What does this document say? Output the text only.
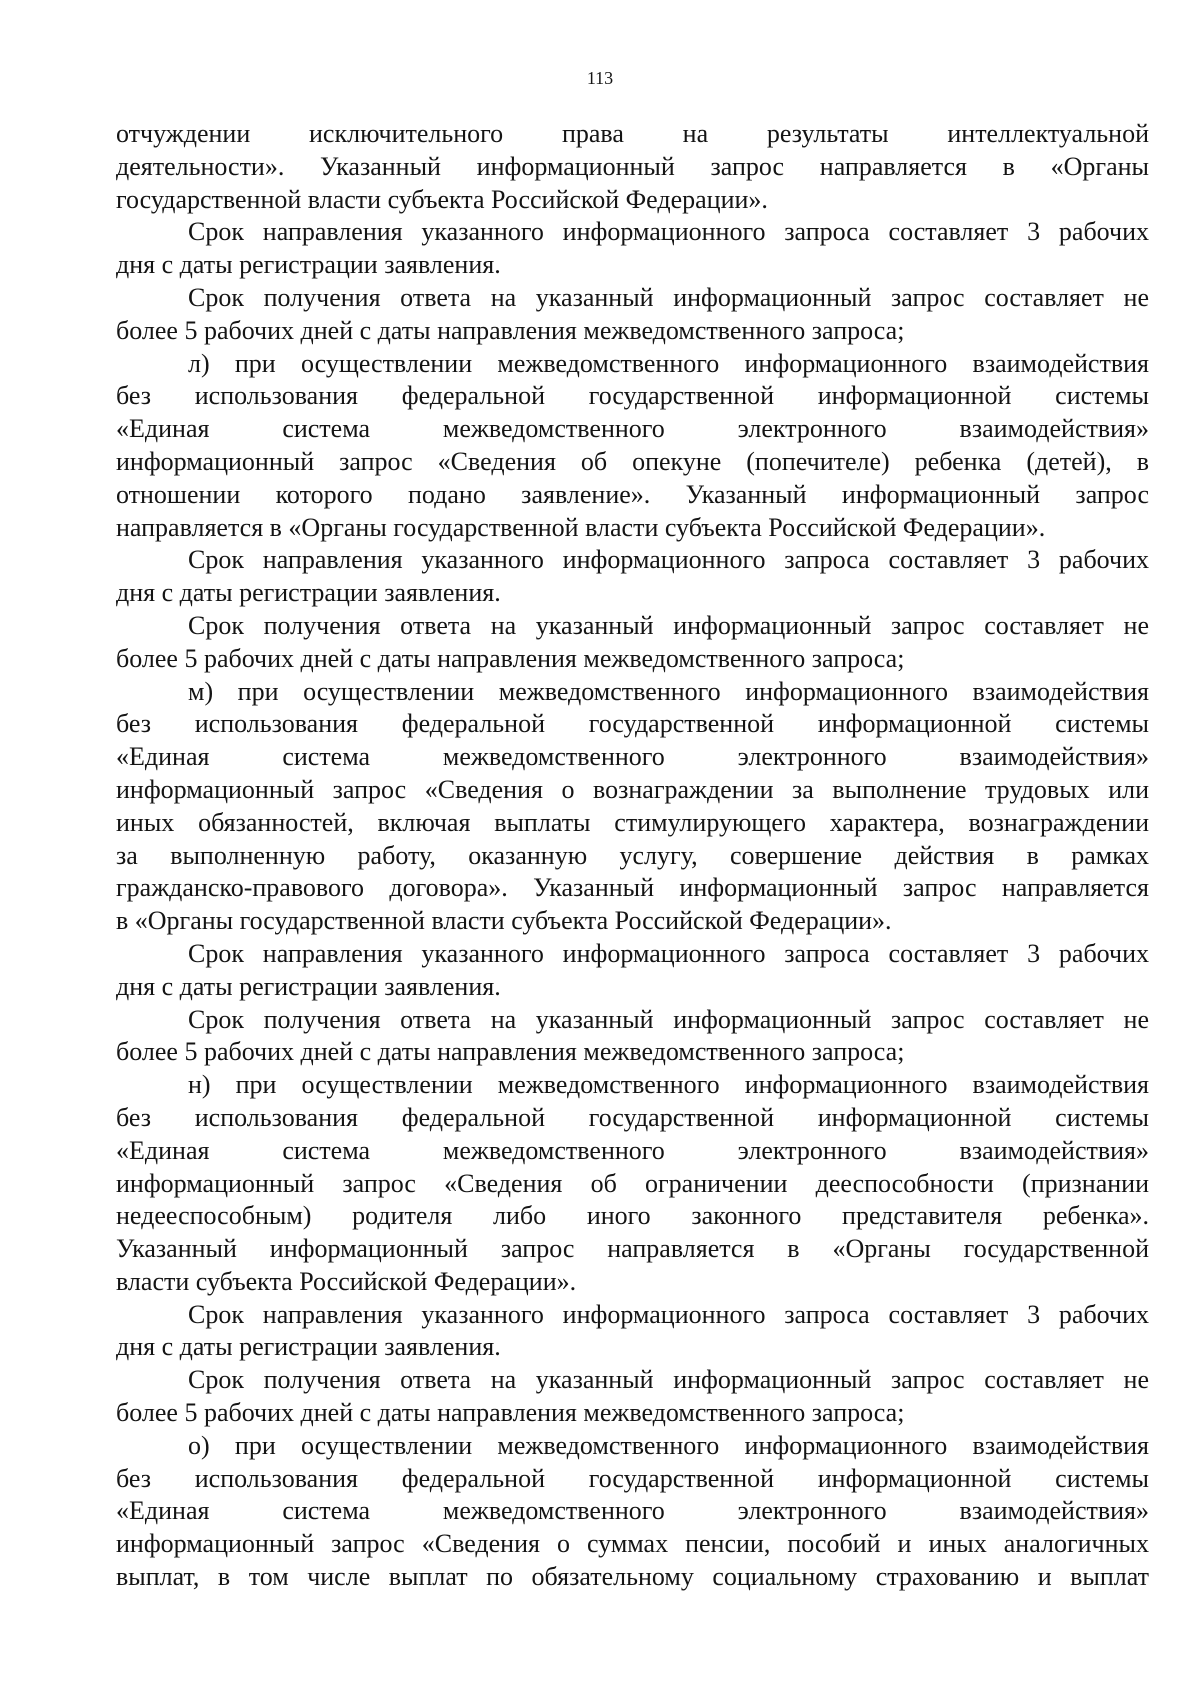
113
отчуждении исключительного права на результаты интеллектуальной
деятельности». Указанный информационный запрос направляется в «Органы
государственной власти субъекта Российской Федерации».
Срок направления указанного информационного запроса составляет 3 рабочих
дня с даты регистрации заявления.
Срок получения ответа на указанный информационный запрос составляет не
более 5 рабочих дней с даты направления межведомственного запроса;
л) при осуществлении межведомственного информационного взаимодействия
без использования федеральной государственной информационной системы
«Единая система межведомственного электронного взаимодействия»
информационный запрос «Сведения об опекуне (попечителе) ребенка (детей), в
отношении которого подано заявление». Указанный информационный запрос
направляется в «Органы государственной власти субъекта Российской Федерации».
Срок направления указанного информационного запроса составляет 3 рабочих
дня с даты регистрации заявления.
Срок получения ответа на указанный информационный запрос составляет не
более 5 рабочих дней с даты направления межведомственного запроса;
м) при осуществлении межведомственного информационного взаимодействия
без использования федеральной государственной информационной системы
«Единая система межведомственного электронного взаимодействия»
информационный запрос «Сведения о вознаграждении за выполнение трудовых или
иных обязанностей, включая выплаты стимулирующего характера, вознаграждении
за выполненную работу, оказанную услугу, совершение действия в рамках
гражданско-правового договора». Указанный информационный запрос направляется
в «Органы государственной власти субъекта Российской Федерации».
Срок направления указанного информационного запроса составляет 3 рабочих
дня с даты регистрации заявления.
Срок получения ответа на указанный информационный запрос составляет не
более 5 рабочих дней с даты направления межведомственного запроса;
н) при осуществлении межведомственного информационного взаимодействия
без использования федеральной государственной информационной системы
«Единая система межведомственного электронного взаимодействия»
информационный запрос «Сведения об ограничении дееспособности (признании
недееспособным) родителя либо иного законного представителя ребенка».
Указанный информационный запрос направляется в «Органы государственной
власти субъекта Российской Федерации».
Срок направления указанного информационного запроса составляет 3 рабочих
дня с даты регистрации заявления.
Срок получения ответа на указанный информационный запрос составляет не
более 5 рабочих дней с даты направления межведомственного запроса;
о) при осуществлении межведомственного информационного взаимодействия
без использования федеральной государственной информационной системы
«Единая система межведомственного электронного взаимодействия»
информационный запрос «Сведения о суммах пенсии, пособий и иных аналогичных
выплат, в том числе выплат по обязательному социальному страхованию и выплат
